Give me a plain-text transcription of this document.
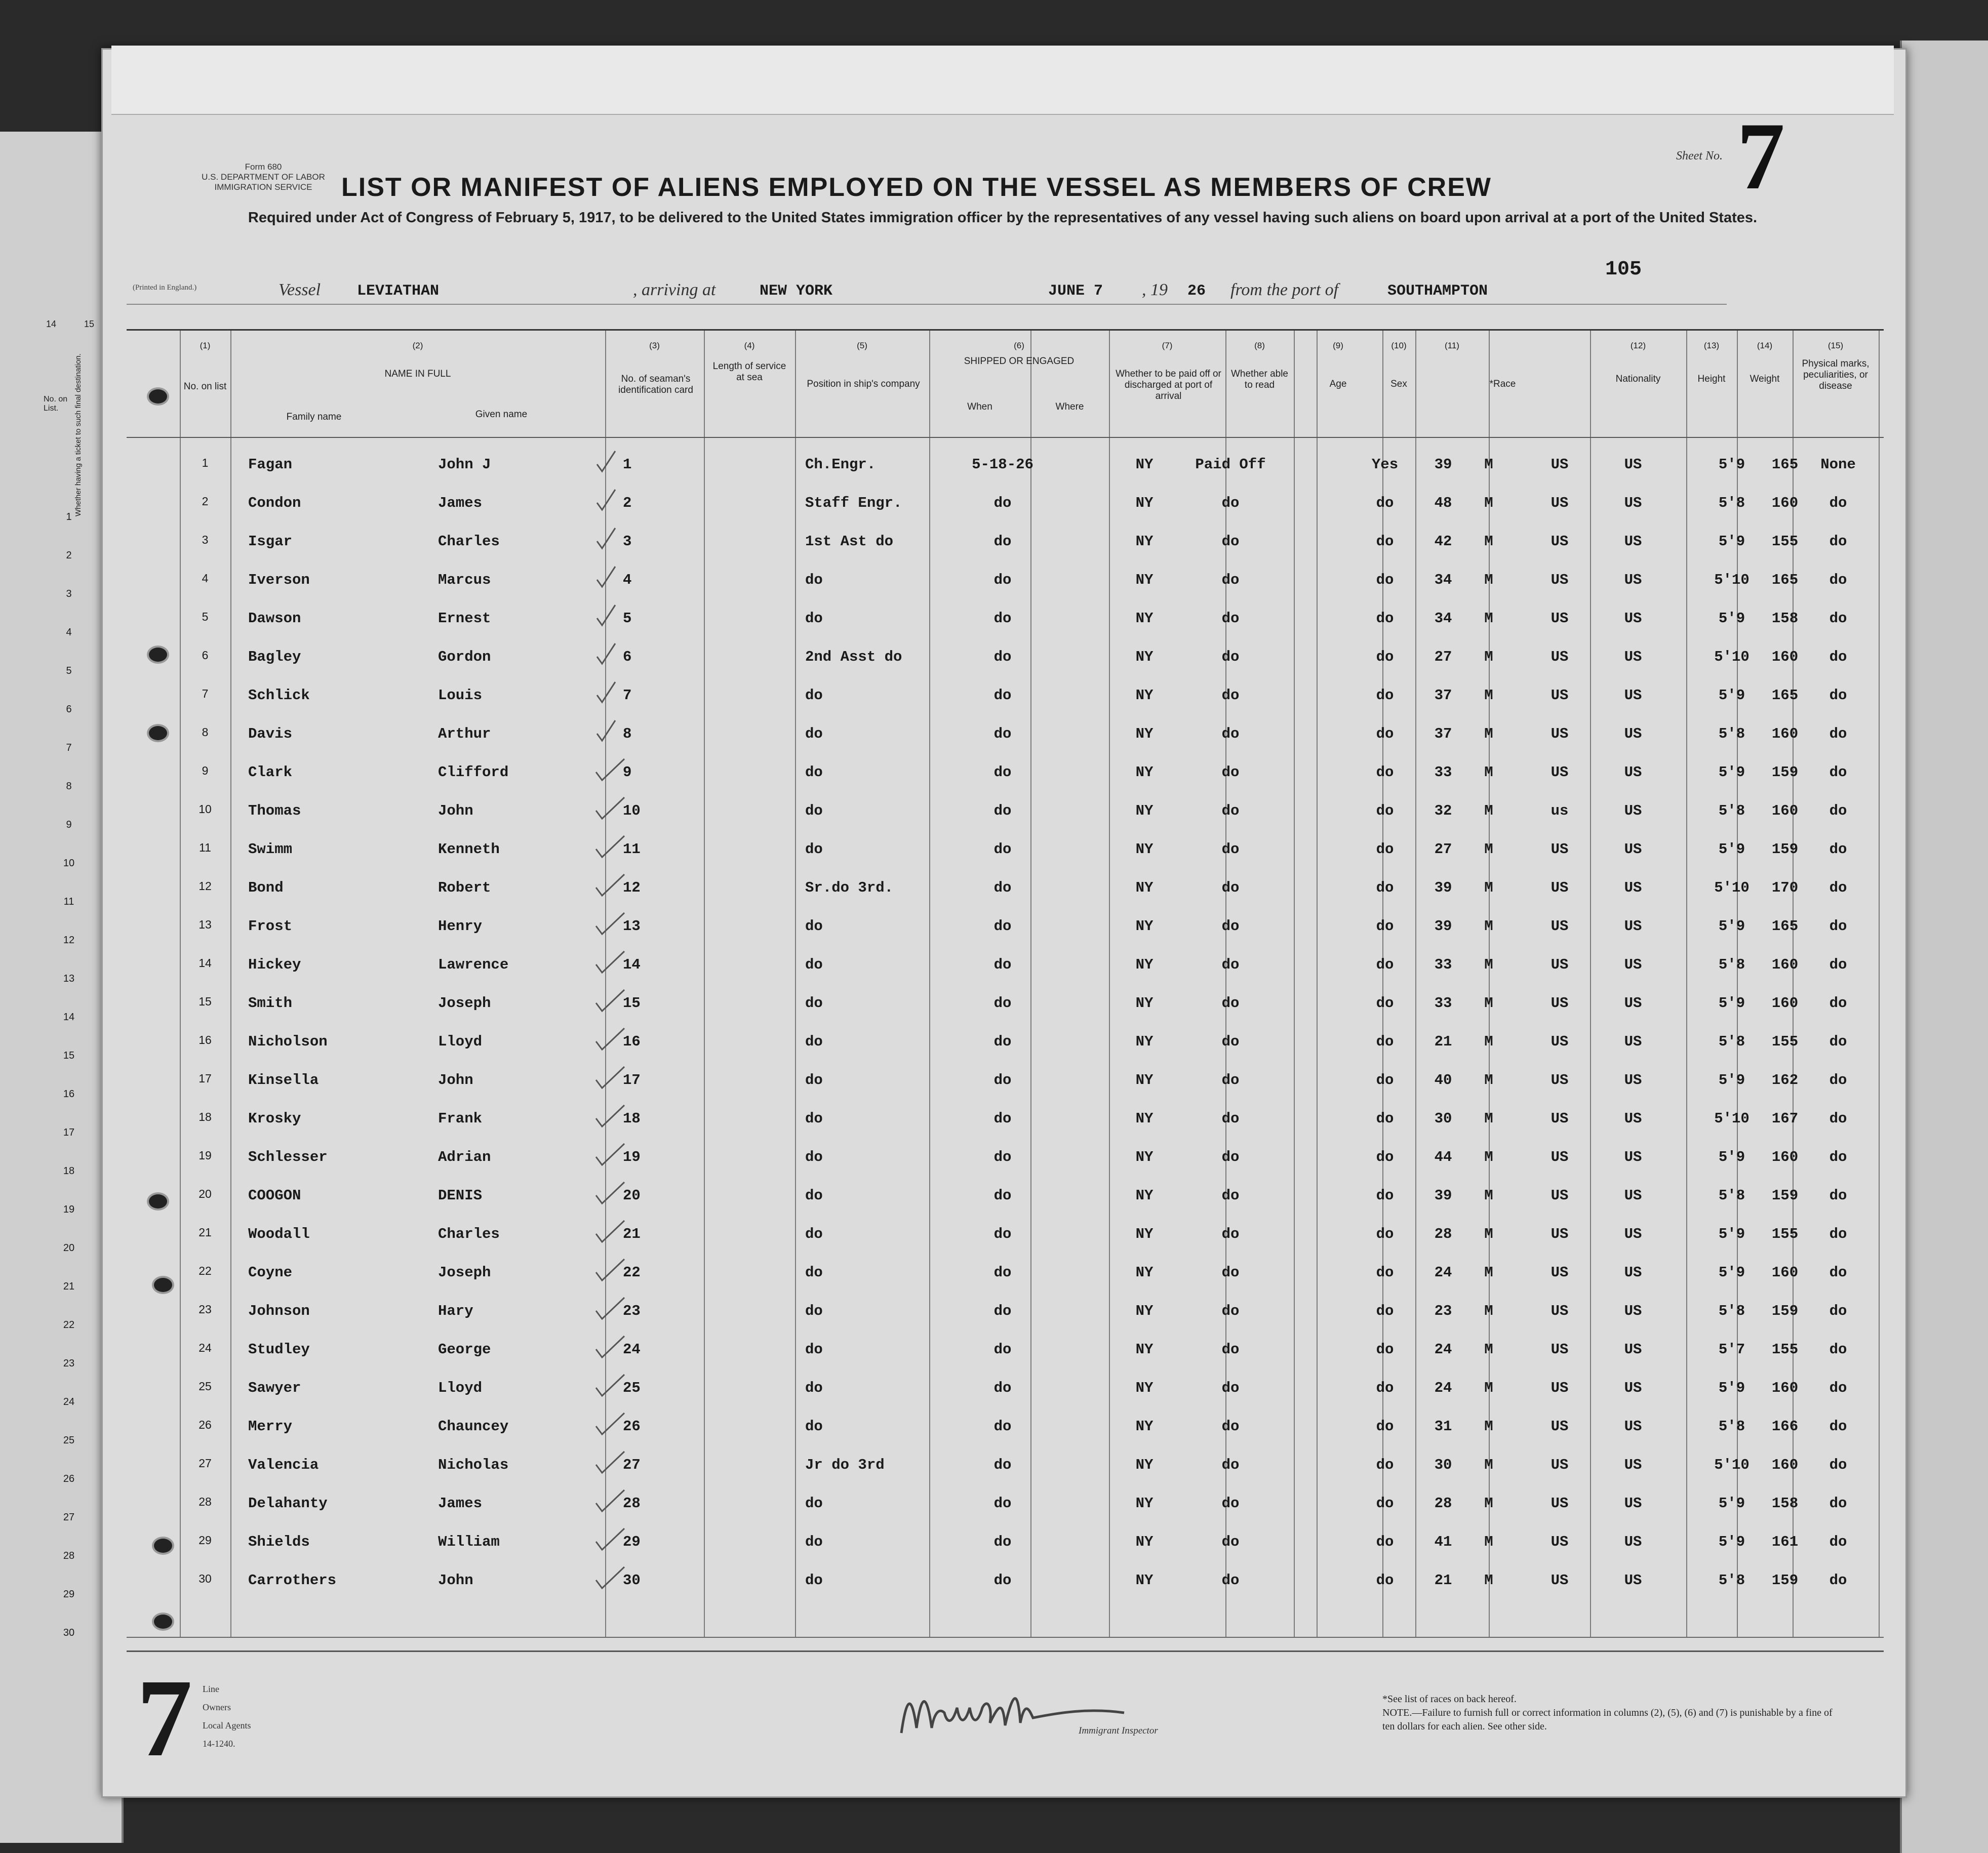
Form 680
U.S. DEPARTMENT OF LABOR
IMMIGRATION SERVICE	LIST OR MANIFEST OF ALIENS EMPLOYED ON THE VESSEL AS MEMBERS OF CREW
Required under Act of Congress of February 5, 1917, to be delivered to the United States immigration officer by the representatives of any vessel having such aliens on board upon arrival at a port of the United States.
Sheet No. 7
105
(Printed in England.)	Vessel LEVIATHAN	, arriving at	NEW YORK	JUNE 7 , 19 26 from the port of	SOUTHAMPTON
14	15
No. on List.	Whether having a ticket to such final destination.
1
2
3
4
5
6
7
8
9
10
11
12
13
14
15
16
17
18
19
20
21
22
23
24
25
26
27
28
29
30
(1)	(2)	(3)	(4)	(5)	(6)	(7)	(8)	(9)	(10)	(11)	(12)	(13)	(14)	(15)
No. on list
NAME IN FULL
Family name	Given name
No. of seaman's identification card
Length of service at sea
Position in ship's company
SHIPPED OR ENGAGED
When	Where
Whether to be paid off or discharged at port of arrival
Whether able to read	Age	Sex	*Race	Nationality	Height	Weight
Physical marks, peculiarities, or disease
1	Fagan	John J	1	Ch.Engr.	5-18-26	NY	Paid Off	Yes	39	M	US	US	5'9	165	None
2	Condon	James	2	Staff Engr.	do	NY	do	do	48	M	US	US	5'8	160	do
3	Isgar	Charles	3	1st Ast do	do	NY	do	do	42	M	US	US	5'9	155	do
4	Iverson	Marcus	4	do	do	NY	do	do	34	M	US	US	5'10	165	do
5	Dawson	Ernest	5	do	do	NY	do	do	34	M	US	US	5'9	158	do
6	Bagley	Gordon	6	2nd Asst do	do	NY	do	do	27	M	US	US	5'10	160	do
7	Schlick	Louis	7	do	do	NY	do	do	37	M	US	US	5'9	165	do
8	Davis	Arthur	8	do	do	NY	do	do	37	M	US	US	5'8	160	do
9	Clark	Clifford	9	do	do	NY	do	do	33	M	US	US	5'9	159	do
10	Thomas	John	10	do	do	NY	do	do	32	M	us	US	5'8	160	do
11	Swimm	Kenneth	11	do	do	NY	do	do	27	M	US	US	5'9	159	do
12	Bond	Robert	12	Sr.do 3rd.	do	NY	do	do	39	M	US	US	5'10	170	do
13	Frost	Henry	13	do	do	NY	do	do	39	M	US	US	5'9	165	do
14	Hickey	Lawrence	14	do	do	NY	do	do	33	M	US	US	5'8	160	do
15	Smith	Joseph	15	do	do	NY	do	do	33	M	US	US	5'9	160	do
16	Nicholson	Lloyd	16	do	do	NY	do	do	21	M	US	US	5'8	155	do
17	Kinsella	John	17	do	do	NY	do	do	40	M	US	US	5'9	162	do
18	Krosky	Frank	18	do	do	NY	do	do	30	M	US	US	5'10	167	do
19	Schlesser	Adrian	19	do	do	NY	do	do	44	M	US	US	5'9	160	do
20	COOGON	DENIS	20	do	do	NY	do	do	39	M	US	US	5'8	159	do
21	Woodall	Charles	21	do	do	NY	do	do	28	M	US	US	5'9	155	do
22	Coyne	Joseph	22	do	do	NY	do	do	24	M	US	US	5'9	160	do
23	Johnson	Hary	23	do	do	NY	do	do	23	M	US	US	5'8	159	do
24	Studley	George	24	do	do	NY	do	do	24	M	US	US	5'7	155	do
25	Sawyer	Lloyd	25	do	do	NY	do	do	24	M	US	US	5'9	160	do
26	Merry	Chauncey	26	do	do	NY	do	do	31	M	US	US	5'8	166	do
27	Valencia	Nicholas	27	Jr do 3rd	do	NY	do	do	30	M	US	US	5'10	160	do
28	Delahanty	James	28	do	do	NY	do	do	28	M	US	US	5'9	158	do
29	Shields	William	29	do	do	NY	do	do	41	M	US	US	5'9	161	do
30	Carrothers	John	30	do	do	NY	do	do	21	M	US	US	5'8	159	do
7 Line
Owners
Local Agents
14-1240.
Immigrant Inspector
*See list of races on back hereof.
NOTE.—Failure to furnish full or correct information in columns (2), (5), (6) and (7) is punishable by a fine of ten dollars for each alien. See other side.
